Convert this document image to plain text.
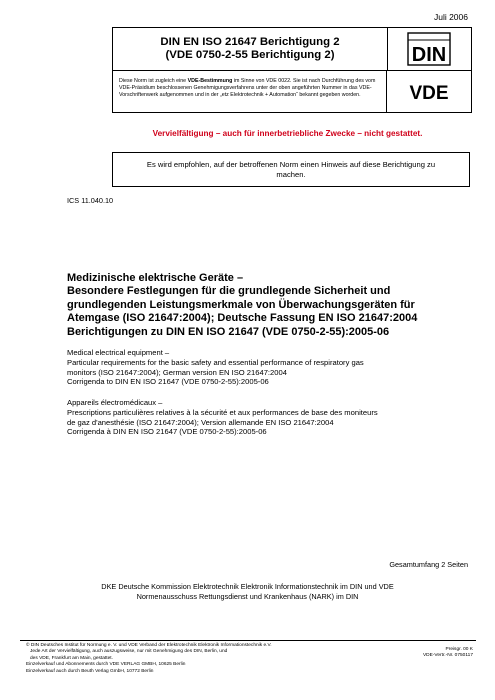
Juli 2006
DIN EN ISO 21647 Berichtigung 2
(VDE 0750-2-55 Berichtigung 2)
Diese Norm ist zugleich eine VDE-Bestimmung im Sinne von VDE 0022. Sie ist nach Durchführung des vom VDE-Präsidium beschlossenen Genehmigungsverfahrens unter der oben angeführten Nummer in das VDE-Vorschriftenwerk aufgenommen und in der „etz Elektrotechnik + Automation“ bekannt gegeben worden.
DIN
VDE
Vervielfältigung – auch für innerbetriebliche Zwecke – nicht gestattet.
Es wird empfohlen, auf der betroffenen Norm einen Hinweis auf diese Berichtigung zu machen.
ICS 11.040.10
Medizinische elektrische Geräte –
Besondere Festlegungen für die grundlegende Sicherheit und
grundlegenden Leistungsmerkmale von Überwachungsgeräten für
Atemgase (ISO 21647:2004); Deutsche Fassung EN ISO 21647:2004
Berichtigungen zu DIN EN ISO 21647 (VDE 0750-2-55):2005-06
Medical electrical equipment –
Particular requirements for the basic safety and essential performance of respiratory gas
monitors (ISO 21647:2004); German version EN ISO 21647:2004
Corrigenda to DIN EN ISO 21647 (VDE 0750-2-55):2005-06
Appareils électromédicaux –
Prescriptions particulières relatives à la sécurité et aux performances de base des moniteurs
de gaz d'anesthésie (ISO 21647:2004); Version allemande EN ISO 21647:2004
Corrigenda à DIN EN ISO 21647 (VDE 0750-2-55):2005-06
Gesamtumfang 2 Seiten
DKE Deutsche Kommission Elektrotechnik Elektronik Informationstechnik im DIN und VDE
Normenausschuss Rettungsdienst und Krankenhaus (NARK) im DIN
© DIN Deutsches Institut für Normung e. V. und VDE Verband der Elektrotechnik Elektronik Informationstechnik e.V.
Jede Art der Vervielfältigung, auch auszugsweise, nur mit Genehmigung des DIN, Berlin, und
des VDE, Frankfurt am Main, gestattet.
Einzelverkauf und Abonnements durch VDE VERLAG GMBH, 10625 Berlin
Einzelverkauf auch durch Beuth Verlag GmbH, 10772 Berlin
Preisgr. 00 K
VDE-Vertr.-Nr. 0750117
